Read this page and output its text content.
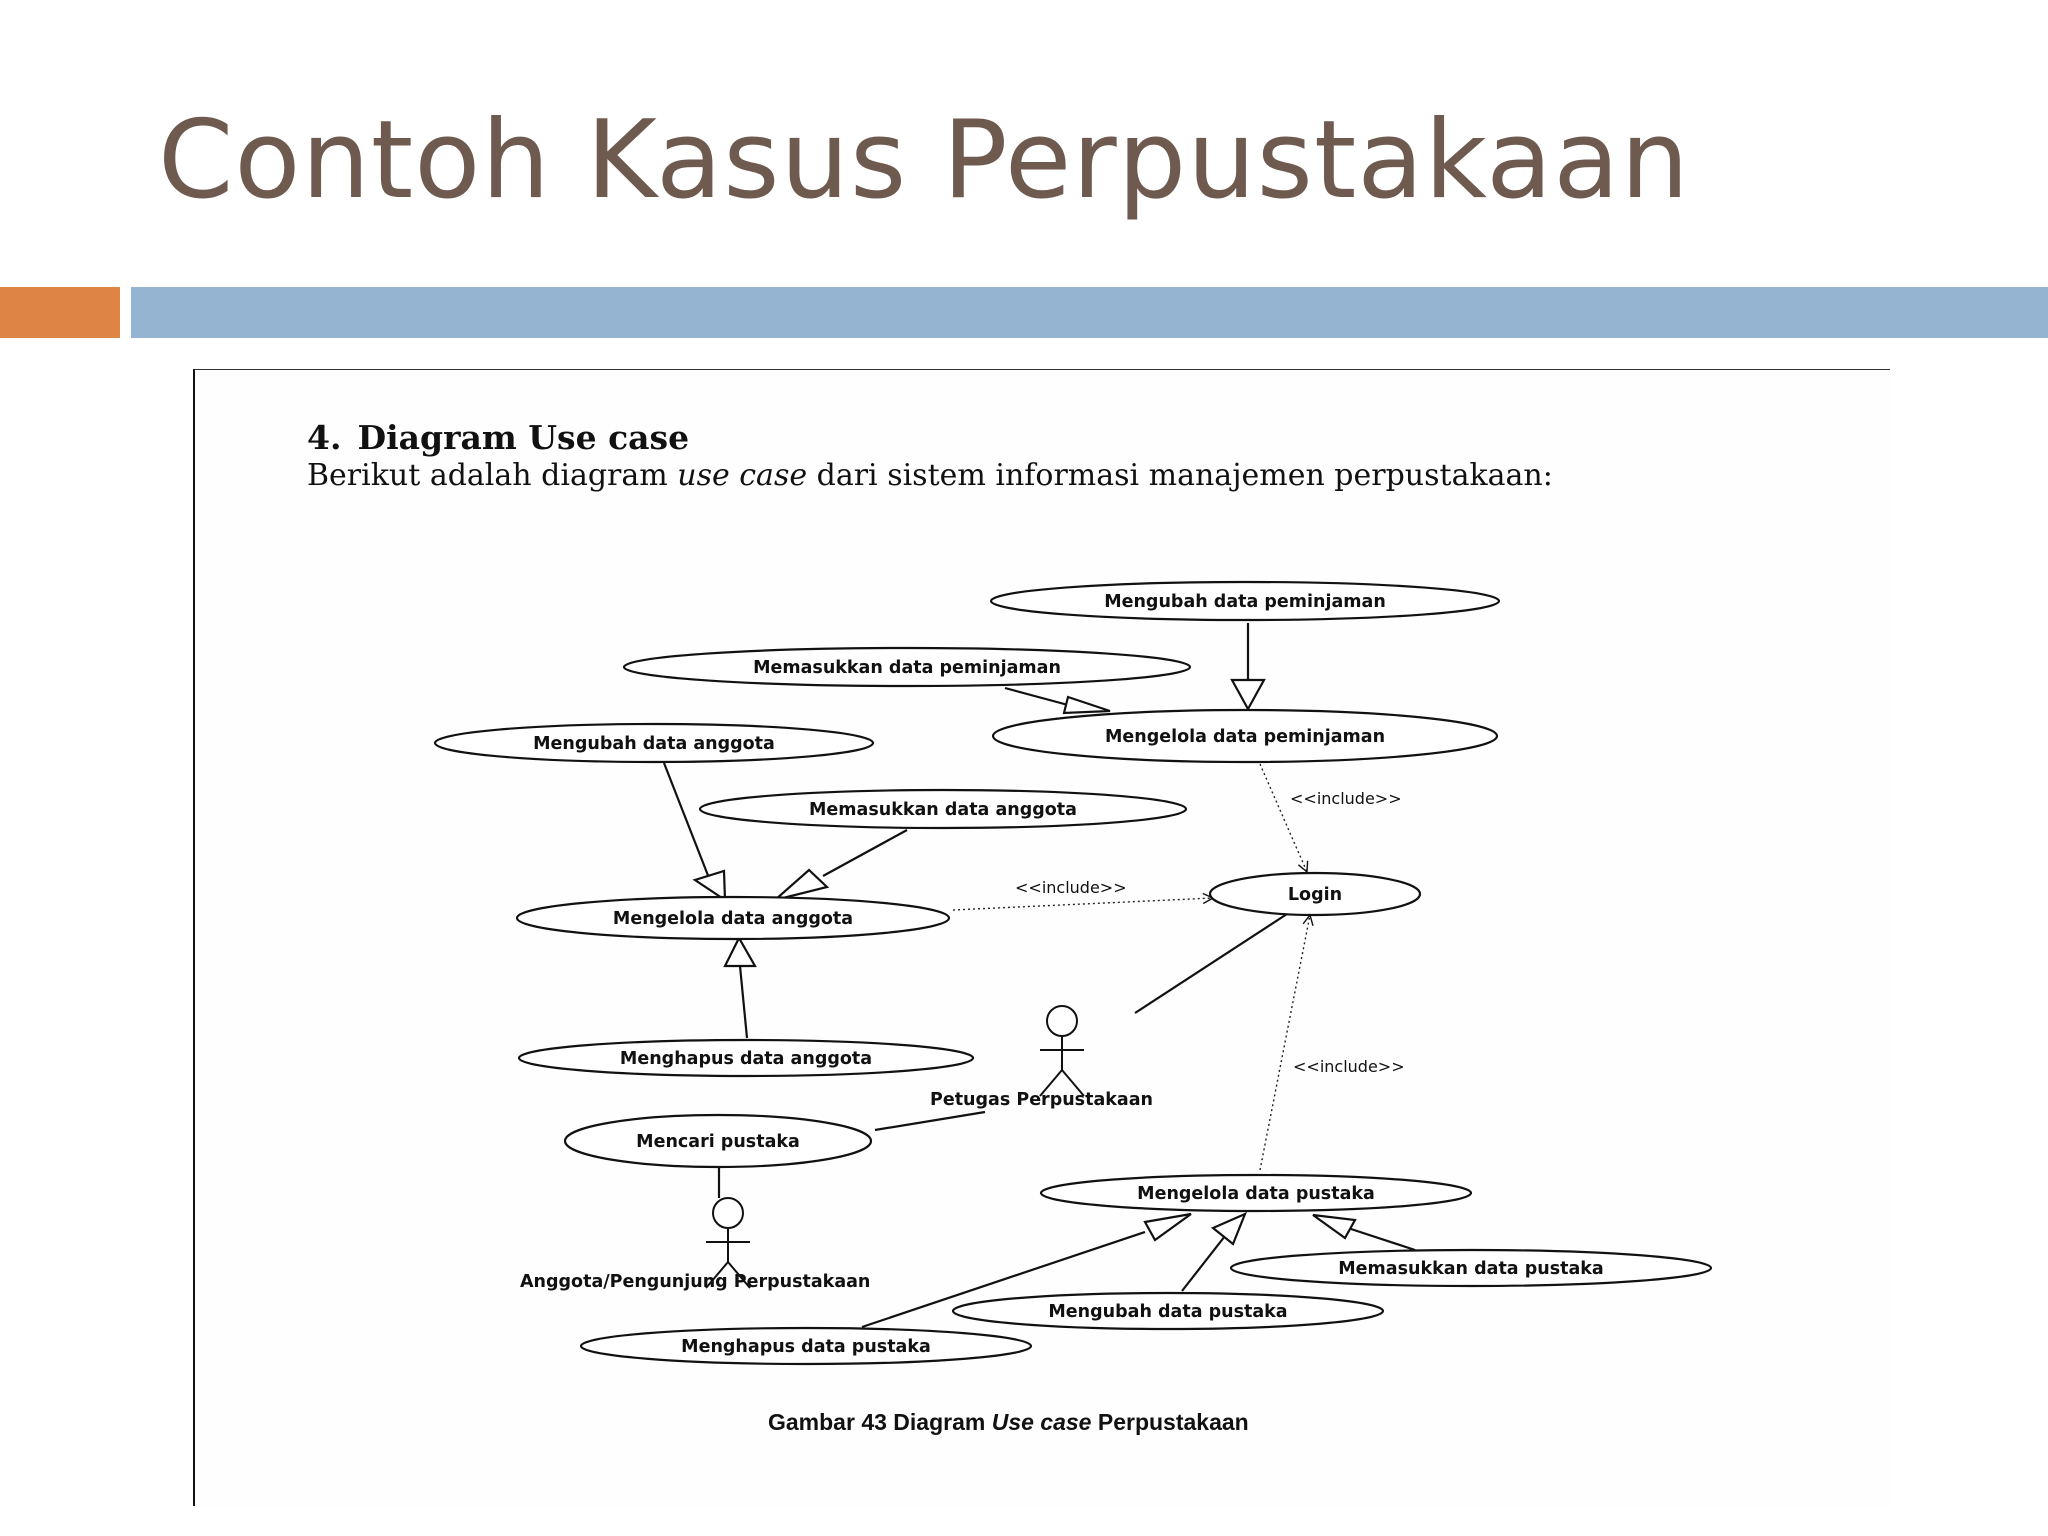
Contoh Kasus Perpustakaan
4. Diagram Use case

Berikut adalah diagram use case dari sistem informasi manajemen perpustakaan:

<<include>>
<<include>>
<<include>>
Mengubah data peminjaman
Memasukkan data peminjaman
Mengelola data peminjaman
Mengubah data anggota
Memasukkan data anggota
Login
Mengelola data anggota
Menghapus data anggota
Mencari pustaka
Mengelola data pustaka
Memasukkan data pustaka
Mengubah data pustaka
Menghapus data pustaka
Petugas Perpustakaan
Anggota/Pengunjung Perpustakaan
Gambar 43 Diagram Use case Perpustakaan
